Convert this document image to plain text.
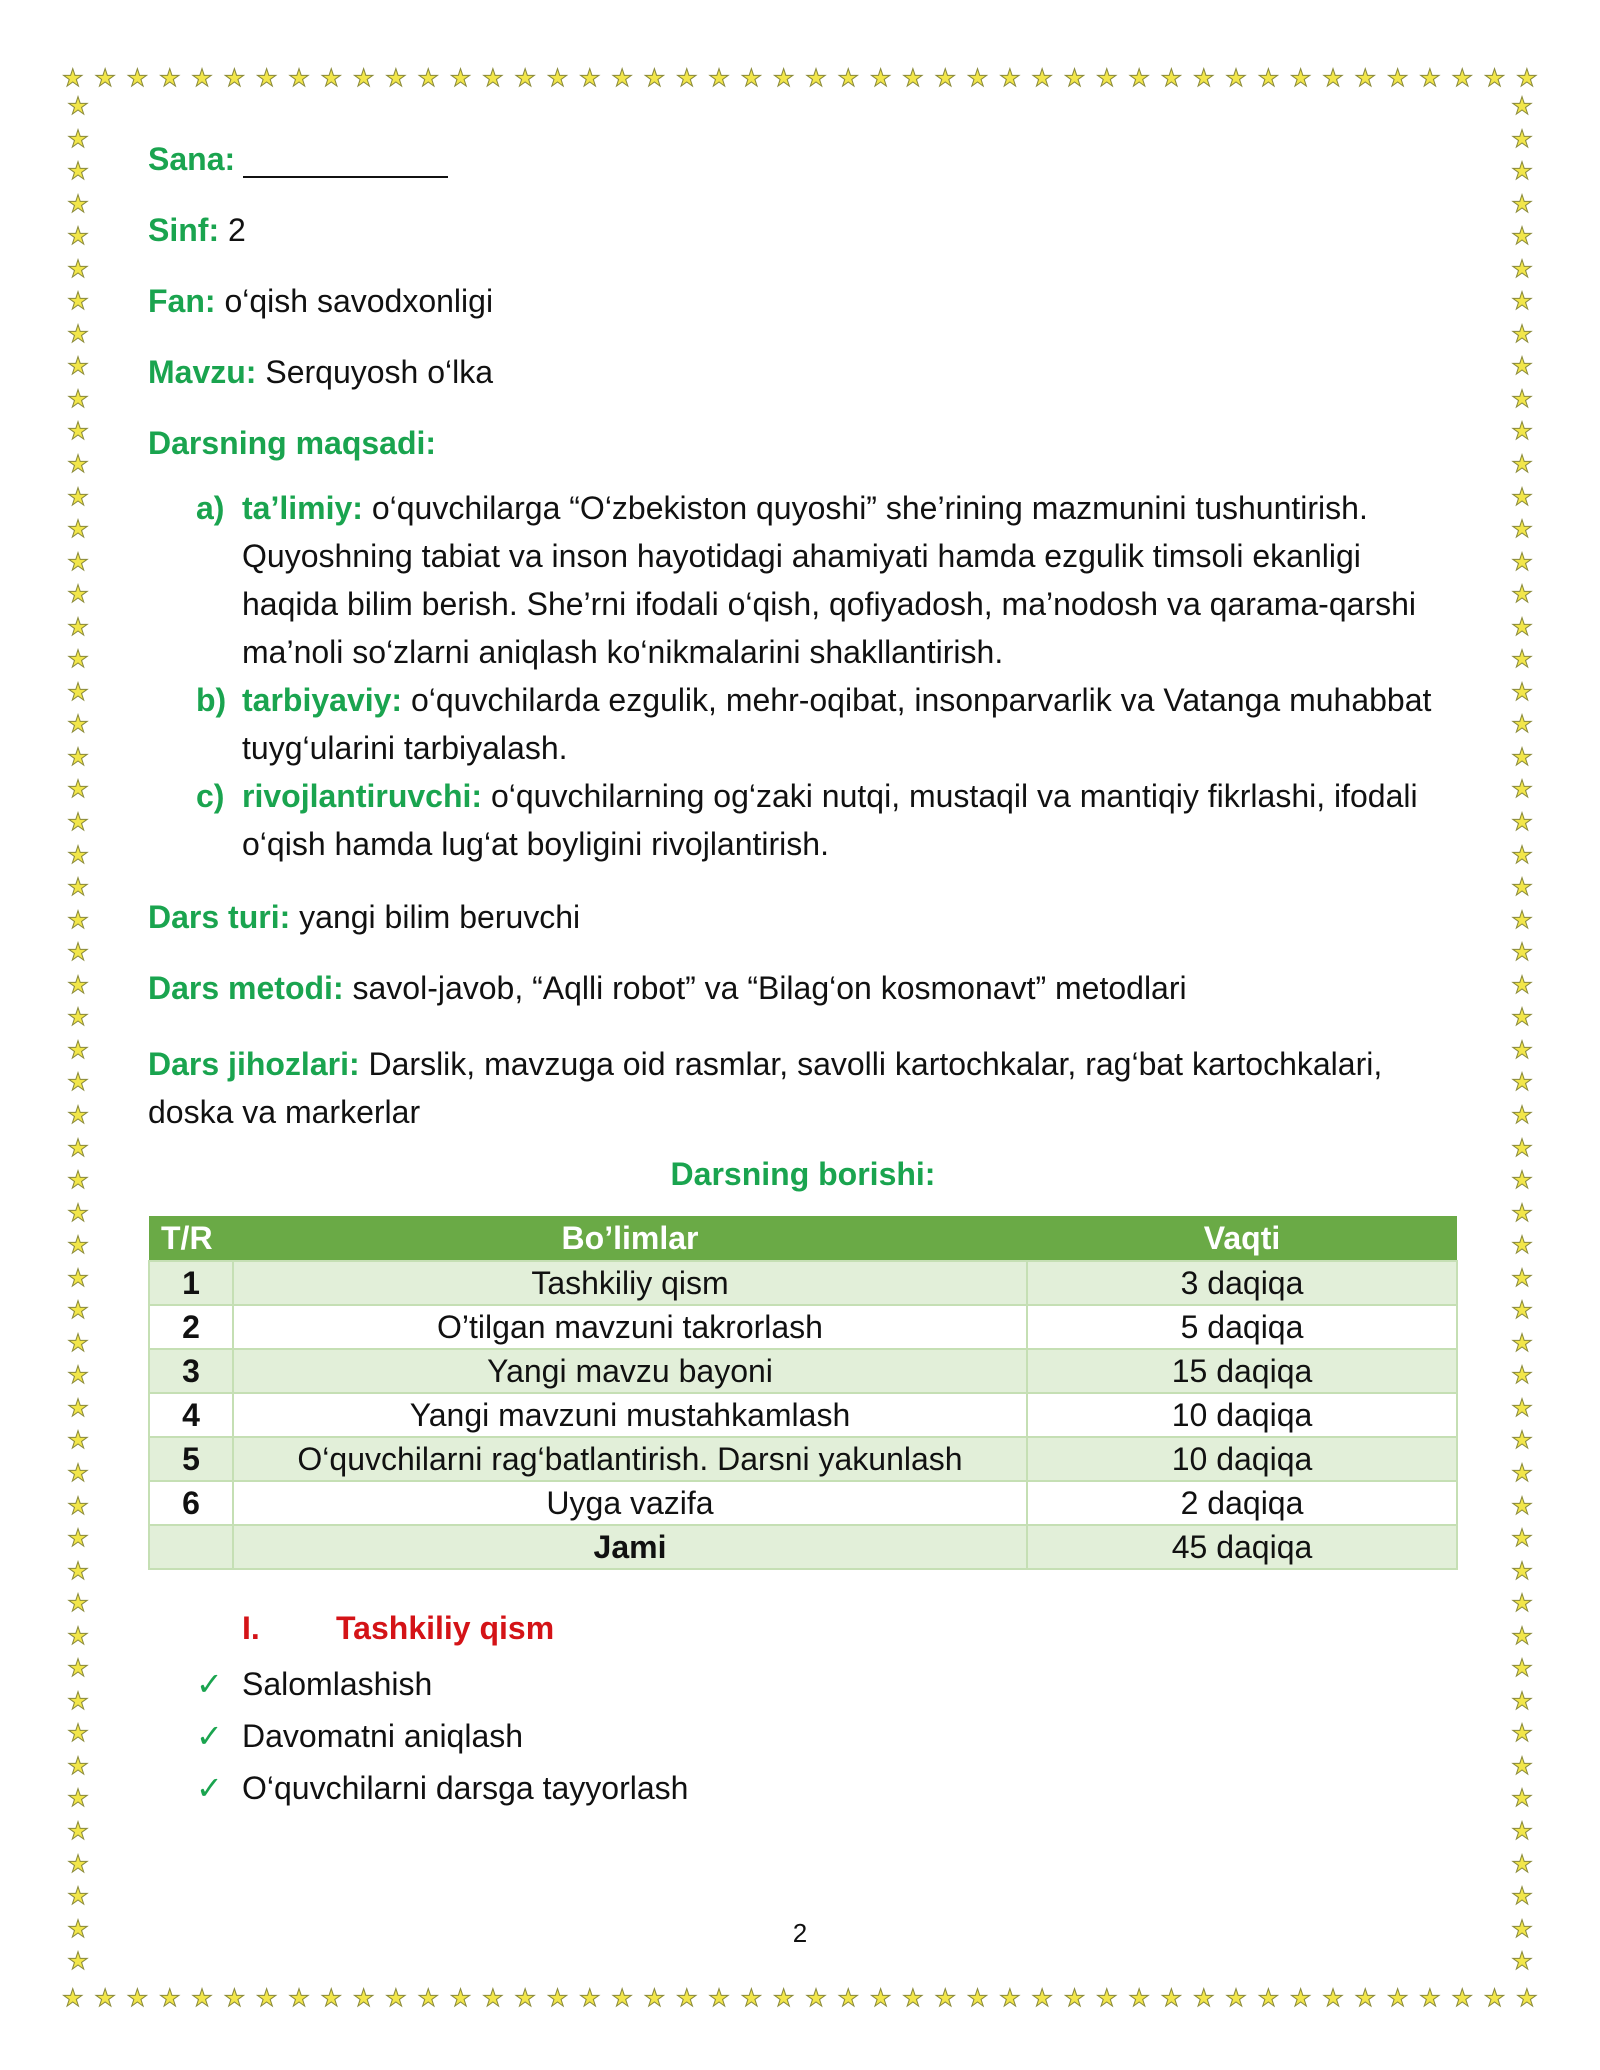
★ ★ ★ ★ ★ ★ ★ ★ ★ ★ ★ ★ ★ ★ ★ ★ ★ ★ ★ ★ ★ ★ ★ ★ ★ ★ ★ ★ ★ ★ ★ ★ ★ ★ ★ ★ ★ ★ ★ ★ ★ ★ ★ ★ ★ ★
★ ★ ★ ★ ★ ★ ★ ★ ★ ★ ★ ★ ★ ★ ★ ★ ★ ★ ★ ★ ★ ★ ★ ★ ★ ★ ★ ★ ★ ★ ★ ★ ★ ★ ★ ★ ★ ★ ★ ★ ★ ★ ★ ★ ★ ★
★
★
★
★
★
★
★
★
★
★
★
★
★
★
★
★
★
★
★
★
★
★
★
★
★
★
★
★
★
★
★
★
★
★
★
★
★
★
★
★
★
★
★
★
★
★
★
★
★
★
★
★
★
★
★
★
★
★
★
★
★
★
★
★
★
★
★
★
★
★
★
★
★
★
★
★
★
★
★
★
★
★
★
★
★
★
★
★
★
★
★
★
★
★
★
★
★
★
★
★
★
★
★
★
★
★
★
★
★
★
★
★
★
★
★
★
Sana:
Sinf: 2
Fan: o‘qish savodxonligi
Mavzu: Serquyosh o‘lka
Darsning maqsadi:
a) ta’limiy: o‘quvchilarga “O‘zbekiston quyoshi” she’rining mazmunini tushuntirish. Quyoshning tabiat va inson hayotidagi ahamiyati hamda ezgulik timsoli ekanligi haqida bilim berish. She’rni ifodali o‘qish, qofiyadosh, ma’nodosh va qarama-qarshi ma’noli so‘zlarni aniqlash ko‘nikmalarini shakllantirish.
b) tarbiyaviy: o‘quvchilarda ezgulik, mehr-oqibat, insonparvarlik va Vatanga muhabbat tuyg‘ularini tarbiyalash.
c) rivojlantiruvchi: o‘quvchilarning og‘zaki nutqi, mustaqil va mantiqiy fikrlashi, ifodali o‘qish hamda lug‘at boyligini rivojlantirish.
Dars turi: yangi bilim beruvchi
Dars metodi: savol-javob, “Aqlli robot” va “Bilag‘on kosmonavt” metodlari
Dars jihozlari: Darslik, mavzuga oid rasmlar, savolli kartochkalar, rag‘bat kartochkalari, doska va markerlar
Darsning borishi:
T/R	Bo’limlar	Vaqti
1	Tashkiliy qism	3 daqiqa
2	O’tilgan mavzuni takrorlash	5 daqiqa
3	Yangi mavzu bayoni	15 daqiqa
4	Yangi mavzuni mustahkamlash	10 daqiqa
5	O‘quvchilarni rag‘batlantirish. Darsni yakunlash	10 daqiqa
6	Uyga vazifa	2 daqiqa
	Jami	45 daqiqa
I. Tashkiliy qism
✓ Salomlashish
✓ Davomatni aniqlash
✓ O‘quvchilarni darsga tayyorlash
2
